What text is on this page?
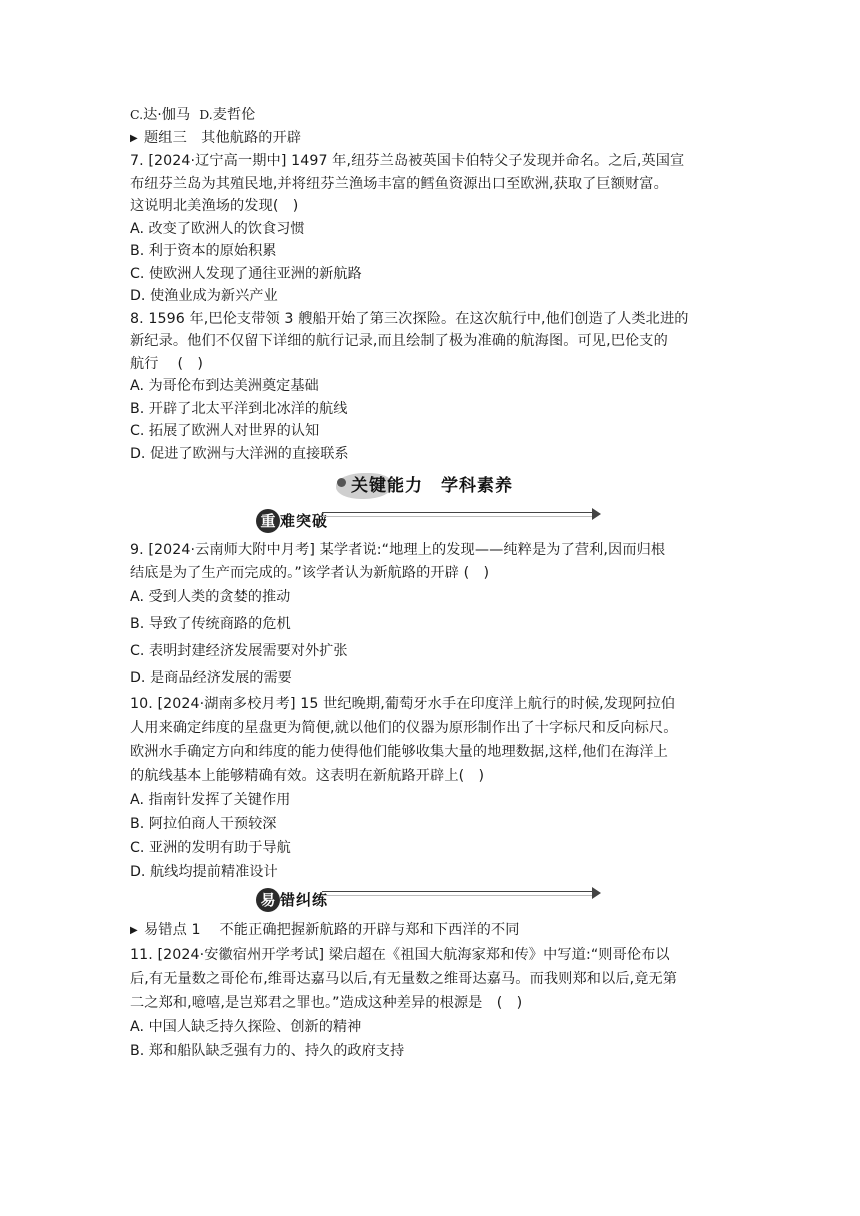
C.达·伽马 D.麦哲伦
▶ 题组三　其他航路的开辟

7. [2024·辽宁高一期中] 1497 年,纽芬兰岛被英国卡伯特父子发现并命名。之后,英国宣

布纽芬兰岛为其殖民地,并将纽芬兰渔场丰富的鳕鱼资源出口至欧洲,获取了巨额财富。

这说明北美渔场的发现(　)

A. 改变了欧洲人的饮食习惯

B. 利于资本的原始积累

C. 使欧洲人发现了通往亚洲的新航路

D. 使渔业成为新兴产业

8. 1596 年,巴伦支带领 3 艘船开始了第三次探险。在这次航行中,他们创造了人类北进的

新纪录。他们不仅留下详细的航行记录,而且绘制了极为准确的航海图。可见,巴伦支的

航行　 (　)

A. 为哥伦布到达美洲奠定基础

B. 开辟了北太平洋到北冰洋的航线

C. 拓展了欧洲人对世界的认知

D. 促进了欧洲与大洋洲的直接联系

关键能力　学科素养
重 难突破

9. [2024·云南师大附中月考] 某学者说:“地理上的发现——纯粹是为了营利,因而归根

结底是为了生产而完成的。”该学者认为新航路的开辟 (　)

A. 受到人类的贪婪的推动

B. 导致了传统商路的危机

C. 表明封建经济发展需要对外扩张

D. 是商品经济发展的需要

10. [2024·湖南多校月考] 15 世纪晚期,葡萄牙水手在印度洋上航行的时候,发现阿拉伯

人用来确定纬度的星盘更为简便,就以他们的仪器为原形制作出了十字标尺和反向标尺。

欧洲水手确定方向和纬度的能力使得他们能够收集大量的地理数据,这样,他们在海洋上

的航线基本上能够精确有效。这表明在新航路开辟上(　)

A. 指南针发挥了关键作用

B. 阿拉伯商人干预较深

C. 亚洲的发明有助于导航

D. 航线均提前精准设计

易 错纠练
▶ 易错点 1　 不能正确把握新航路的开辟与郑和下西洋的不同

11. [2024·安徽宿州开学考试] 梁启超在《祖国大航海家郑和传》中写道:“则哥伦布以

后,有无量数之哥伦布,维哥达嘉马以后,有无量数之维哥达嘉马。而我则郑和以后,竟无第

二之郑和,噫嘻,是岂郑君之罪也。”造成这种差异的根源是　(　)

A. 中国人缺乏持久探险、创新的精神

B. 郑和船队缺乏强有力的、持久的政府支持
